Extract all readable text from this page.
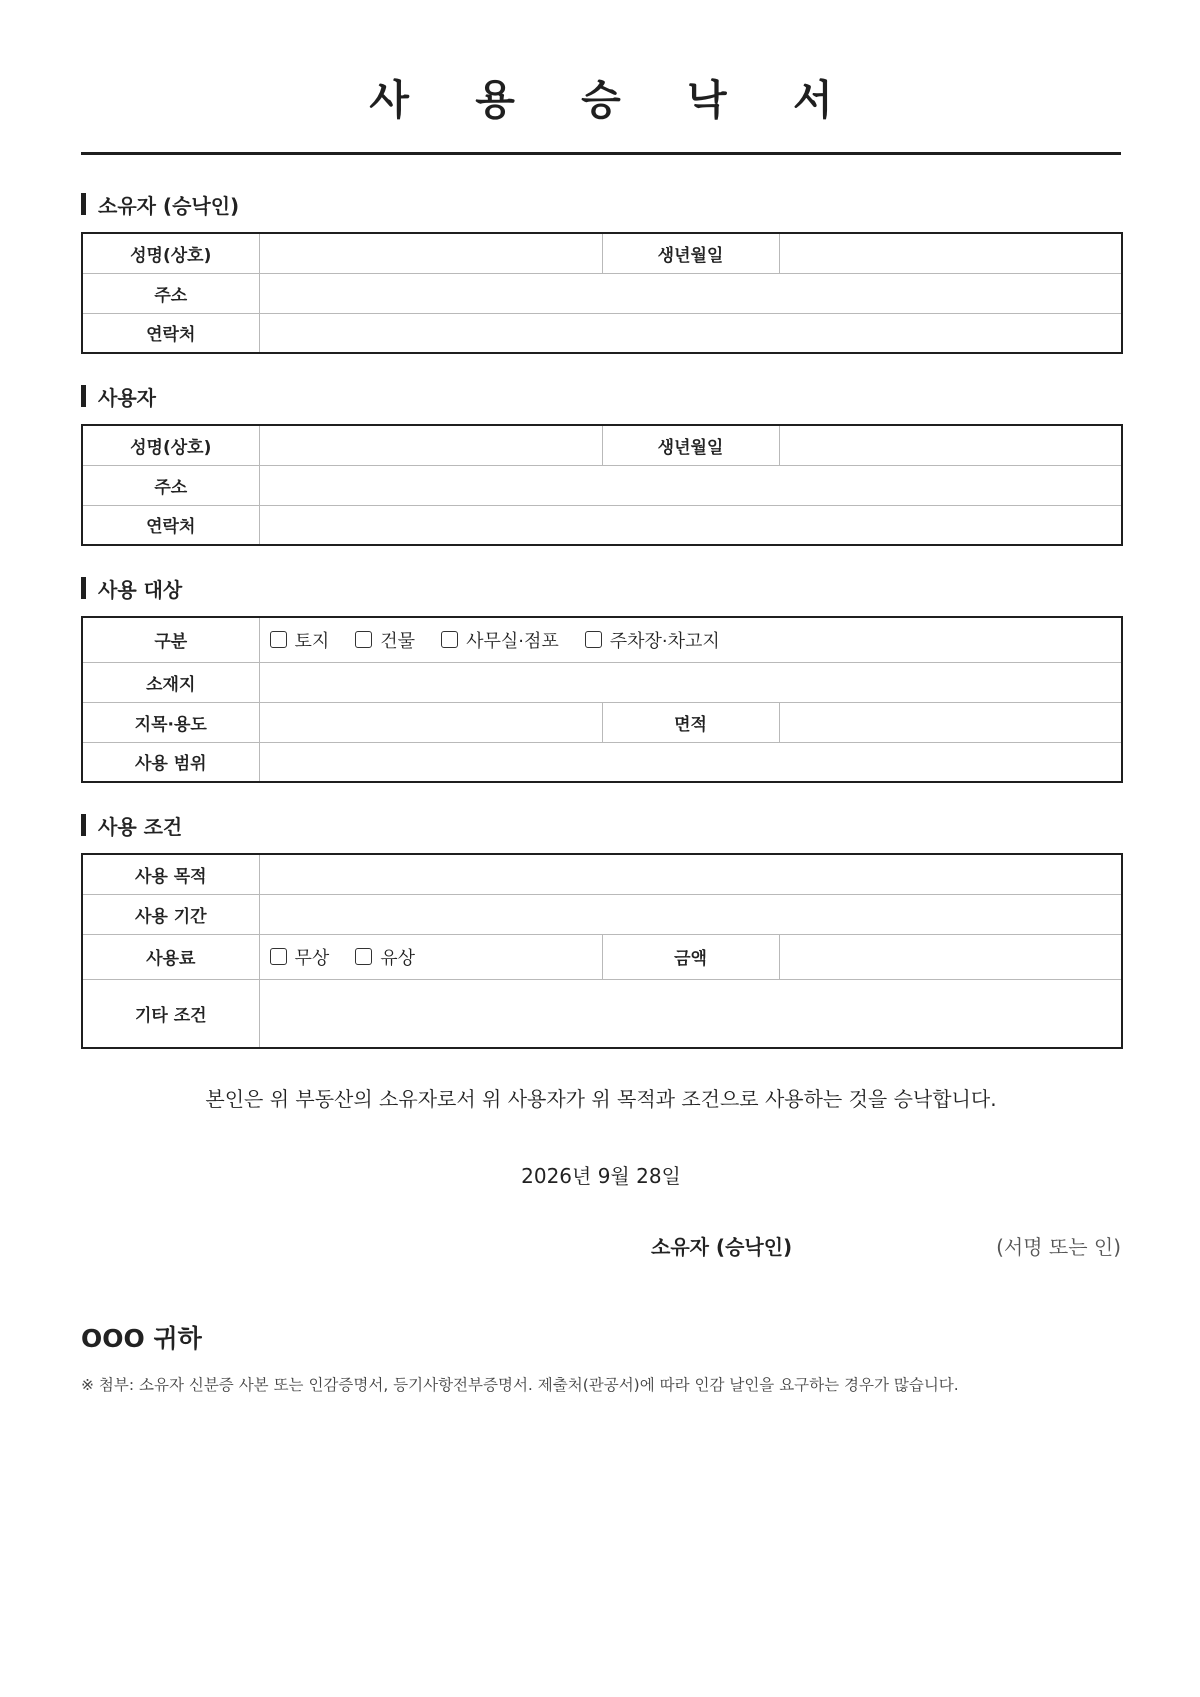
사 용 승 낙 서
소유자 (승낙인)
성명(상호)		생년월일	
주소			
연락처			
사용자
성명(상호)		생년월일	
주소			
연락처			
사용 대상
구분	토지 건물 사무실·점포 주차장·차고지		

소재지			
지목·용도		면적	
사용 범위			
사용 조건
사용 목적			
사용 기간			
사용료	무상 유상	금액	
기타 조건			
본인은 위 부동산의 소유자로서 위 사용자가 위 목적과 조건으로 사용하는 것을 승낙합니다.
2026년 9월 28일
소유자 (승낙인)	(서명 또는 인)
OOO 귀하
※ 첨부: 소유자 신분증 사본 또는 인감증명서, 등기사항전부증명서. 제출처(관공서)에 따라 인감 날인을 요구하는 경우가 많습니다.
